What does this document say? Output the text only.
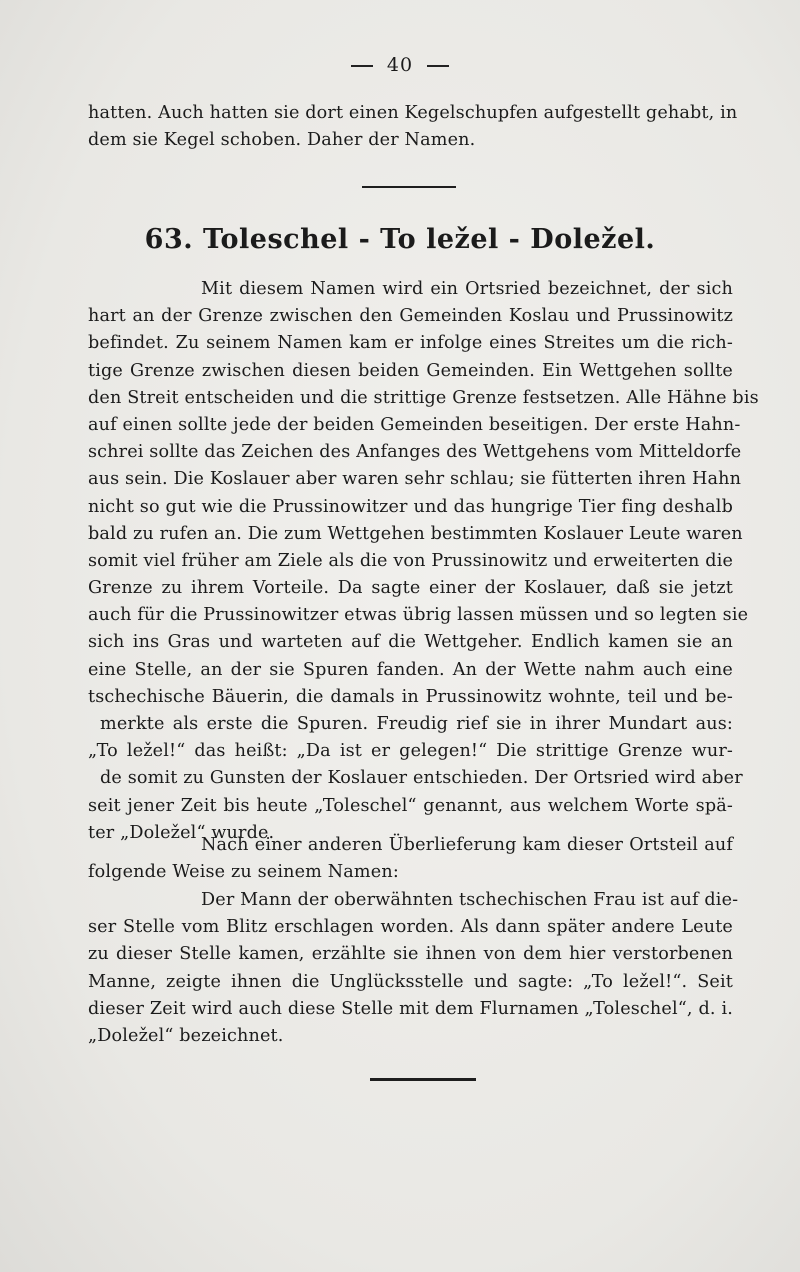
40
hatten. Auch hatten sie dort einen Kegelschupfen aufgestellt gehabt, in
dem sie Kegel schoben. Daher der Namen.
63. Toleschel - To ležel - Doležel.
Mit diesem Namen wird ein Ortsried bezeichnet, der sich
hart an der Grenze zwischen den Gemeinden Koslau und Prussinowitz
befindet. Zu seinem Namen kam er infolge eines Streites um die rich-
tige Grenze zwischen diesen beiden Gemeinden. Ein Wettgehen sollte
den Streit entscheiden und die strittige Grenze festsetzen. Alle Hähne bis
auf einen sollte jede der beiden Gemeinden beseitigen. Der erste Hahn-
schrei sollte das Zeichen des Anfanges des Wettgehens vom Mitteldorfe
aus sein. Die Koslauer aber waren sehr schlau; sie fütterten ihren Hahn
nicht so gut wie die Prussinowitzer und das hungrige Tier fing deshalb
bald zu rufen an. Die zum Wettgehen bestimmten Koslauer Leute waren
somit viel früher am Ziele als die von Prussinowitz und erweiterten die
Grenze zu ihrem Vorteile. Da sagte einer der Koslauer, daß sie jetzt
auch für die Prussinowitzer etwas übrig lassen müssen und so legten sie
sich ins Gras und warteten auf die Wettgeher. Endlich kamen sie an
eine Stelle, an der sie Spuren fanden. An der Wette nahm auch eine
tschechische Bäuerin, die damals in Prussinowitz wohnte, teil und be-
merkte als erste die Spuren. Freudig rief sie in ihrer Mundart aus:
„To ležel!“ das heißt: „Da ist er gelegen!“ Die strittige Grenze wur-
de somit zu Gunsten der Koslauer entschieden. Der Ortsried wird aber
seit jener Zeit bis heute „Toleschel“ genannt, aus welchem Worte spä-
ter „Doležel“ wurde.
Nach einer anderen Überlieferung kam dieser Ortsteil auf
folgende Weise zu seinem Namen:
Der Mann der oberwähnten tschechischen Frau ist auf die-
ser Stelle vom Blitz erschlagen worden. Als dann später andere Leute
zu dieser Stelle kamen, erzählte sie ihnen von dem hier verstorbenen
Manne, zeigte ihnen die Unglücksstelle und sagte: „To ležel!“. Seit
dieser Zeit wird auch diese Stelle mit dem Flurnamen „Toleschel“, d. i.
„Doležel“ bezeichnet.
